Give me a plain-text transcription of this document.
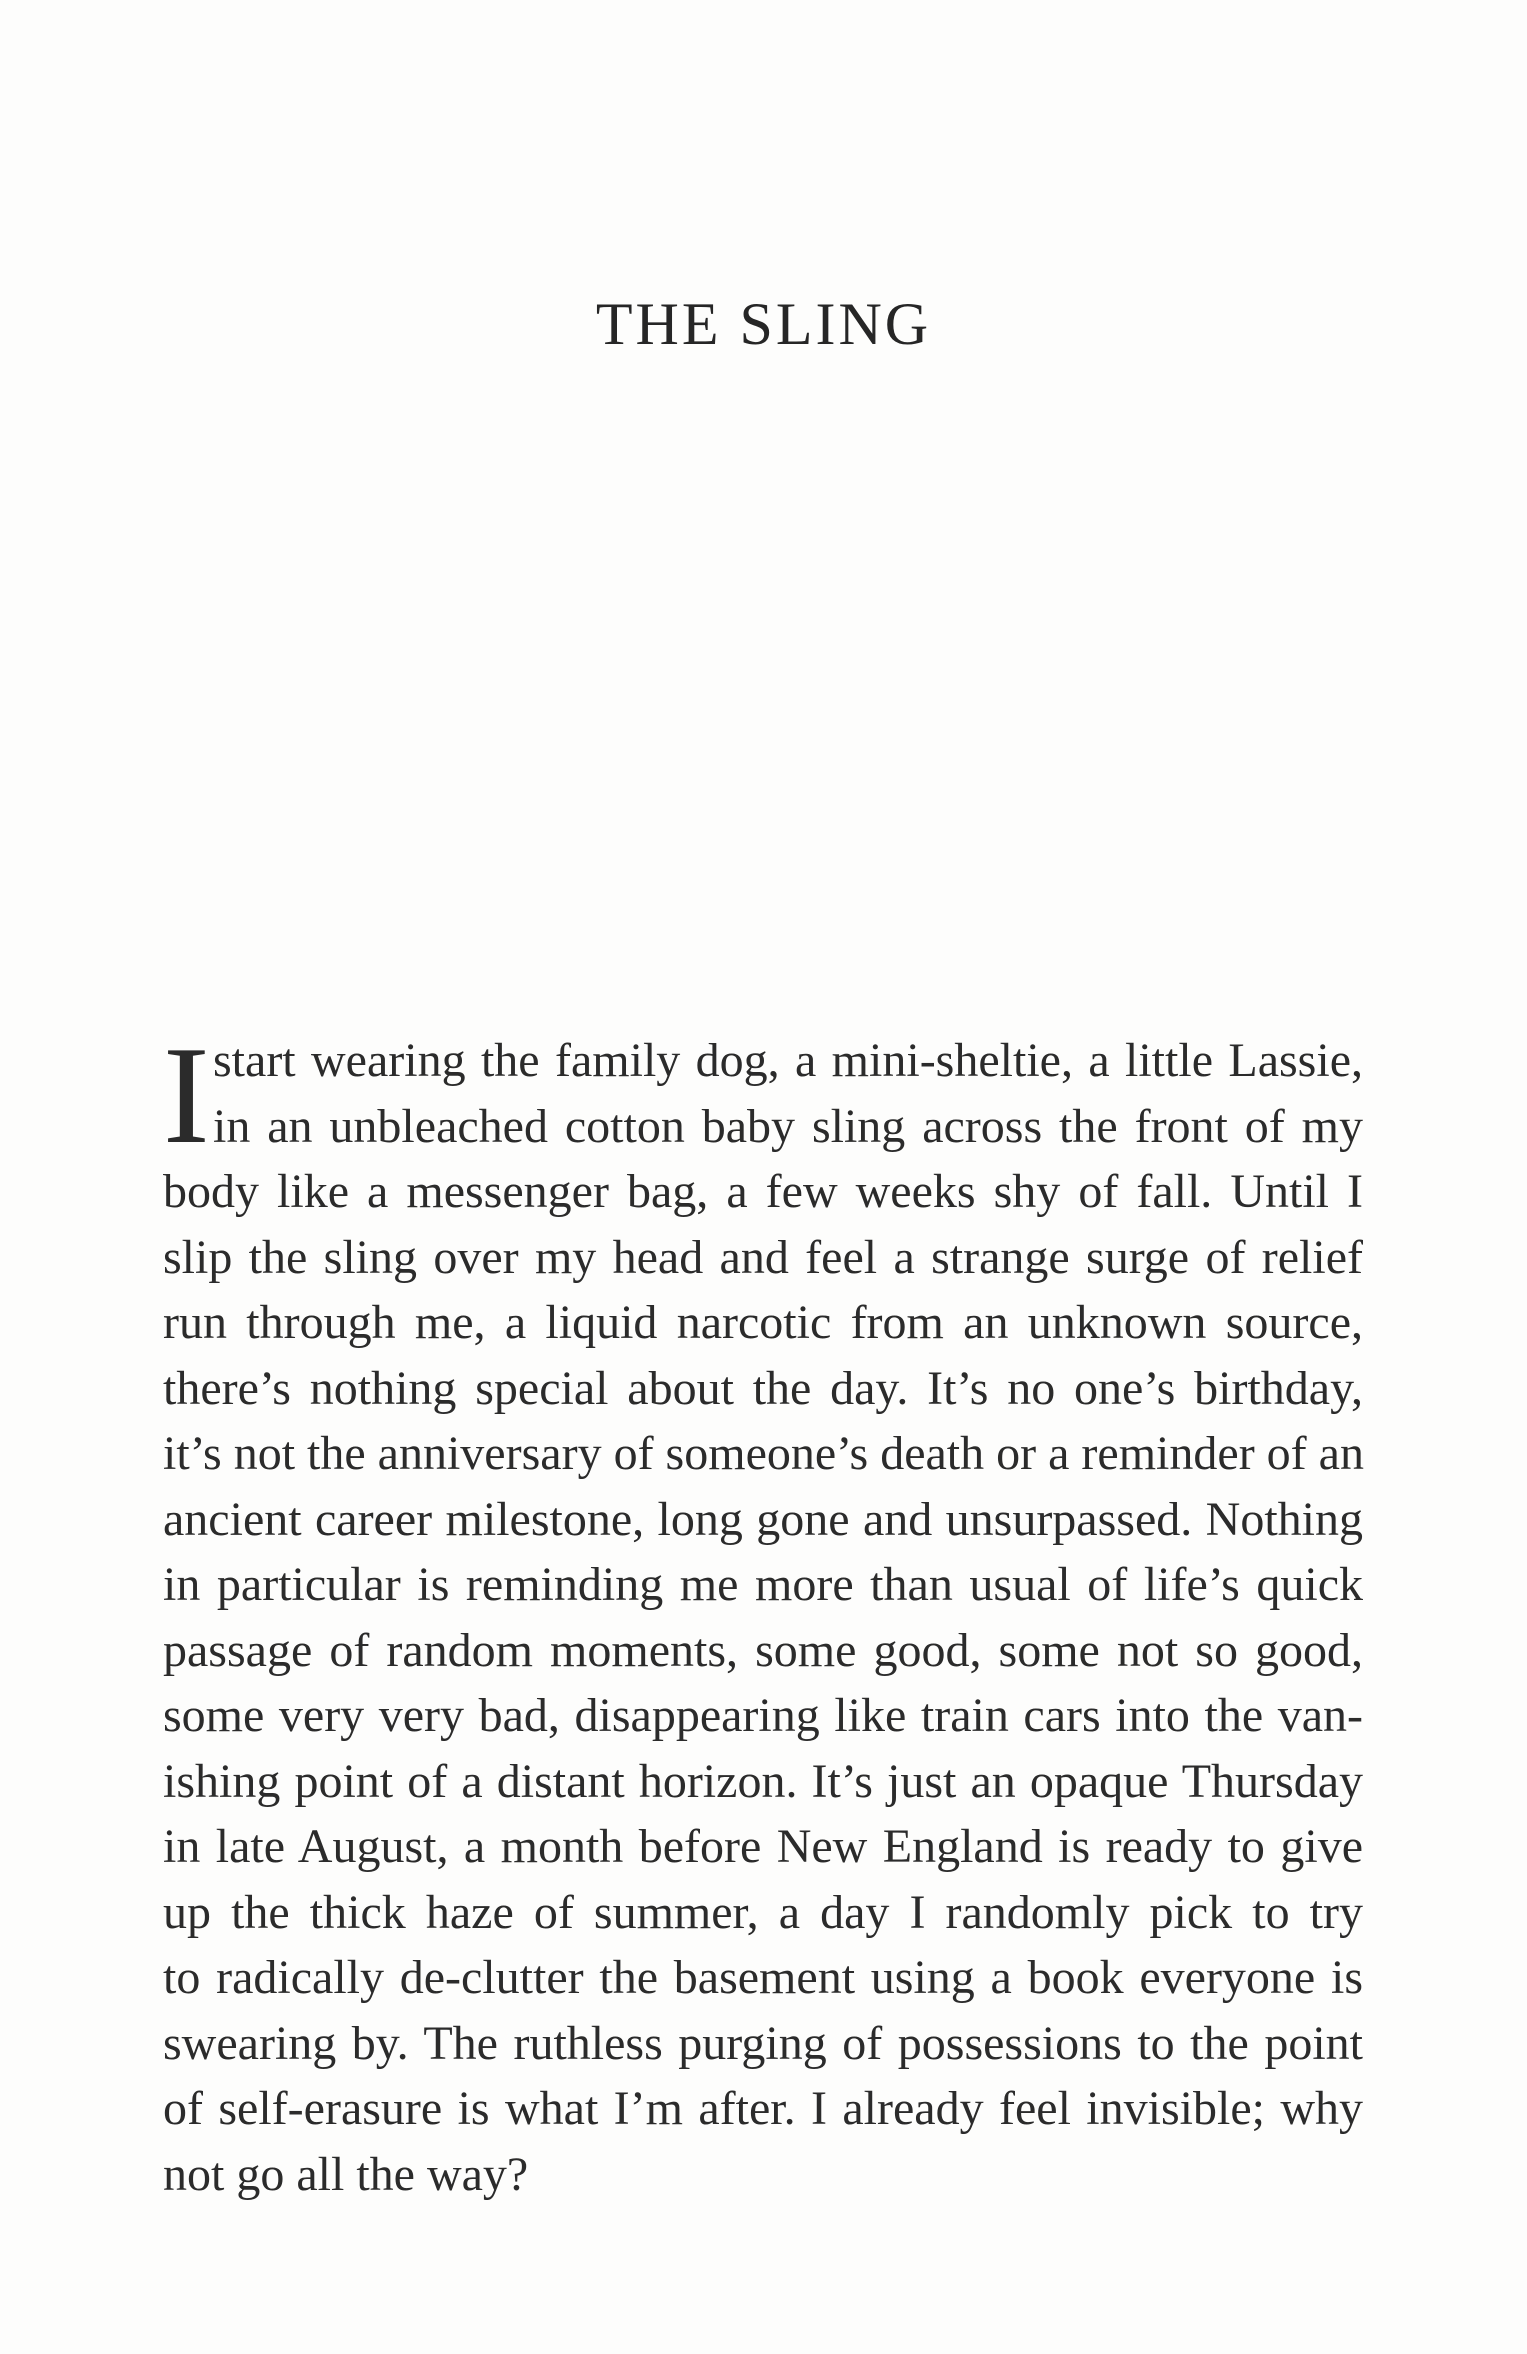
THE SLING
I start wearing the family dog, a mini-sheltie, a little Lassie,
in an unbleached cotton baby sling across the front of my
body like a messenger bag, a few weeks shy of fall. Until I
slip the sling over my head and feel a strange surge of relief
run through me, a liquid narcotic from an unknown source,
there’s nothing special about the day. It’s no one’s birthday,
it’s not the anniversary of someone’s death or a reminder of an
ancient career milestone, long gone and unsurpassed. Nothing
in particular is reminding me more than usual of life’s quick
passage of random moments, some good, some not so good,
some very very bad, disappearing like train cars into the van-
ishing point of a distant horizon. It’s just an opaque Thursday
in late August, a month before New England is ready to give
up the thick haze of summer, a day I randomly pick to try
to radically de-clutter the basement using a book everyone is
swearing by. The ruthless purging of possessions to the point
of self-erasure is what I’m after. I already feel invisible; why
not go all the way?
